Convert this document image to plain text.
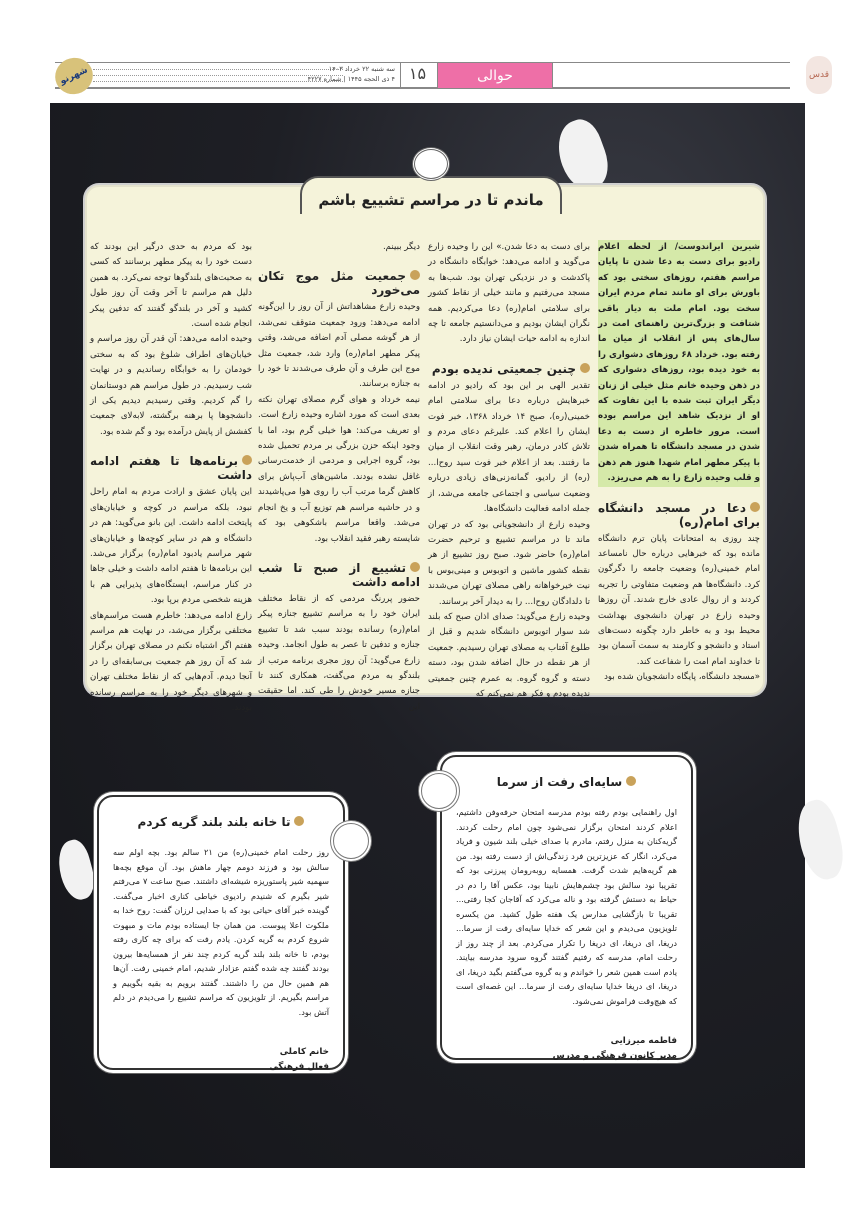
شهرنو	قدس
سه شنبه ۲۲ خرداد ۱۴۰۳
۴ ذی الحجه ۱۴۴۵ | شماره ۴۲۲۷ ۱۵	حوالی
ماندم تا در مراسم تشییع باشم

شیرین ایراندوست/ از لحظه اعلام رادیو برای دست به دعا شدن تا پایان مراسم هفتم، روزهای سختی بود که باورش برای او مانند تمام مردم ایران سخت بود. امام ملت به دیار باقی شتافت و بزرگ‌ترین راهنمای امت در سال‌های پس از انقلاب از میان ما رفته بود. خرداد ۶۸ روزهای دشواری را به خود دیده بود، روزهای دشواری که در ذهن وحیده خانم مثل خیلی از زنان دیگر ایران ثبت شده با این تفاوت که او از نزدیک شاهد این مراسم بوده است. مرور خاطره از دست به دعا شدن در مسجد دانشگاه تا همراه شدن با پیکر مطهر امام شهدا هنوز هم ذهن و قلب وحیده زارع را به هم می‌ریزد.

دعا در مسجد دانشگاه برای امام(ره)

چند روزی به امتحانات پایان ترم دانشگاه مانده بود که خبرهایی درباره حال نامساعد امام خمینی(ره) وضعیت جامعه را دگرگون کرد. دانشگاه‌ها هم وضعیت متفاوتی را تجربه کردند و از روال عادی خارج شدند. آن روزها وحیده زارع در تهران دانشجوی بهداشت محیط بود و به خاطر دارد چگونه دست‌های استاد و دانشجو و کارمند به سمت آسمان بود تا خداوند امام امت را شفاعت کند.

«مسجد دانشگاه، پایگاه دانشجویان شده بود

برای دست به دعا شدن.» این را وحیده زارع می‌گوید و ادامه می‌دهد: خوابگاه دانشگاه در پاکدشت و در نزدیکی تهران بود. شب‌ها به مسجد می‌رفتیم و مانند خیلی از نقاط کشور برای سلامتی امام(ره) دعا می‌کردیم. همه نگران ایشان بودیم و می‌دانستیم جامعه تا چه اندازه به ادامه حیات ایشان نیاز دارد.

چنین جمعیتی ندیده بودم

تقدیر الهی بر این بود که رادیو در ادامه خبرهایش درباره دعا برای سلامتی امام خمینی(ره)، صبح ۱۴ خرداد ۱۳۶۸، خبر فوت ایشان را اعلام کند. علیرغم دعای مردم و تلاش کادر درمان، رهبر وقت انقلاب از میان ما رفتند. بعد از اعلام خبر فوت سید روح‌ا...(ره) از رادیو، گمانه‌زنی‌های زیادی درباره وضعیت سیاسی و اجتماعی جامعه می‌شد، از جمله ادامه فعالیت دانشگاه‌ها.

وحیده زارع از دانشجویانی بود که در تهران ماند تا در مراسم تشییع و ترحیم حضرت امام(ره) حاضر شود. صبح روز تشییع از هر نقطه کشور ماشین و اتوبوس و مینی‌بوس با نیت خیرخواهانه راهی مصلای تهران می‌شدند تا دلدادگان روح‌ا... را به دیدار آخر برسانند.

وحیده زارع می‌گوید: صدای اذان صبح که بلند شد سوار اتوبوس دانشگاه شدیم و قبل از طلوع آفتاب به مصلای تهران رسیدیم. جمعیت از هر نقطه در حال اضافه شدن بود، دسته دسته و گروه گروه. به عمرم چنین جمعیتی ندیده بودم و فکر هم نمی‌کنم که

دیگر ببینم.

جمعیت مثل موج تکان می‌خورد

وحیده زارع مشاهداتش از آن روز را این‌گونه ادامه می‌دهد: ورود جمعیت متوقف نمی‌شد، از هر گوشه مصلی آدم اضافه می‌شد، وقتی پیکر مطهر امام(ره) وارد شد، جمعیت مثل موج این طرف و آن طرف می‌شدند تا خود را به جنازه برسانند.

نیمه خرداد و هوای گرم مصلای تهران نکته بعدی است که مورد اشاره وحیده زارع است. او تعریف می‌کند: هوا خیلی گرم بود، اما با وجود اینکه حزن بزرگی بر مردم تحمیل شده بود، گروه اجرایی و مردمی از خدمت‌رسانی غافل نشده بودند. ماشین‌های آب‌پاش برای کاهش گرما مرتب آب را روی هوا می‌پاشیدند و در حاشیه مراسم هم توزیع آب و یخ انجام می‌شد. واقعا مراسم باشکوهی بود که شایسته رهبر فقید انقلاب بود.

تشییع از صبح تا شب ادامه داشت

حضور پررنگ مردمی که از نقاط مختلف ایران خود را به مراسم تشییع جنازه پیکر امام(ره) رسانده بودند سبب شد تا تشییع جنازه و تدفین تا عصر به طول انجامد. وحیده زارع می‌گوید: آن روز مجری برنامه مرتب از بلندگو به مردم می‌گفت، همکاری کنند تا جنازه مسیر خودش را طی کند. اما حقیقت این

بود که مردم به حدی درگیر این بودند که دست خود را به پیکر مطهر برسانند که کسی به صحبت‌های بلندگوها توجه نمی‌کرد. به همین دلیل هم مراسم تا آخر وقت آن روز طول کشید و آخر در بلندگو گفتند که تدفین پیکر انجام شده است.

وحیده ادامه می‌دهد: آن قدر آن روز مراسم و خیابان‌های اطراف شلوغ بود که به سختی خودمان را به خوابگاه رساندیم و در نهایت شب رسیدیم. در طول مراسم هم دوستانمان را گم کردیم. وقتی رسیدیم دیدیم یکی از دانشجوها پا برهنه برگشته، لابه‌لای جمعیت کفشش از پایش درآمده بود و گم شده بود.

برنامه‌ها تا هفتم ادامه داشت

این پایان عشق و ارادت مردم به امام راحل نبود، بلکه مراسم در کوچه و خیابان‌های پایتخت ادامه داشت. این بانو می‌گوید: هم در دانشگاه و هم در سایر کوچه‌ها و خیابان‌های شهر مراسم یادبود امام(ره) برگزار می‌شد. این برنامه‌ها تا هفتم ادامه داشت و خیلی جاها در کنار مراسم، ایستگاه‌های پذیرایی هم با هزینه شخصی مردم برپا بود.

زارع ادامه می‌دهد: خاطرم هست مراسم‌های مختلفی برگزار می‌شد، در نهایت هم مراسم هفتم اگر اشتباه نکنم در مصلای تهران برگزار شد که آن روز هم جمعیت بی‌سابقه‌ای را در آنجا دیدم. آدم‌هایی که از نقاط مختلف تهران و شهرهای دیگر خود را به مراسم رسانده بودند.

سایه‌ای رفت از سرما
اول راهنمایی بودم رفته بودم مدرسه امتحان حرفه‌وفن داشتیم، اعلام کردند امتحان برگزار نمی‌شود چون امام رحلت کردند. گریه‌کنان به منزل رفتم، مادرم با صدای خیلی بلند شیون و فریاد می‌کرد، انگار که عزیزترین فرد زندگی‌اش از دست رفته بود. من هم گریه‌هایم شدت گرفت. همسایه روبه‌رومان پیرزنی بود که تقریبا نود سالش بود چشم‌هایش نابینا بود، عکس آقا را دم در حیاط به دستش گرفته بود و ناله می‌کرد که آقاجان کجا رفتی... تقریبا تا بازگشایی مدارس یک هفته طول کشید. من یکسره تلویزیون می‌دیدم و این شعر که خدایا سایه‌ای رفت از سرما... دریغا، ای دریغا، ای دریغا را تکرار می‌کردم. بعد از چند روز از رحلت امام، مدرسه که رفتیم گفتند گروه سرود مدرسه بیایند. یادم است همین شعر را خواندم و به گروه می‌گفتم بگید دریغا، ای دریغا، ای دریغا خدایا سایه‌ای رفت از سرما... این غصه‌ای است که هیچ‌وقت فراموش نمی‌شود.
فاطمه میرزایی
مدیر کانون فرهنگی و مدرس
تا خانه بلند بلند گریه کردم
روز رحلت امام خمینی(ره) من ۲۱ سالم بود. بچه اولم سه سالش بود و فرزند دومم چهار ماهش بود. آن موقع بچه‌ها سهمیه شیر پاستوریزه شیشه‌ای داشتند. صبح ساعت ۷ می‌رفتم شیر بگیرم که شنیدم رادیوی خیاطی کناری اخبار می‌گفت. گوینده خبر آقای حیاتی بود که با صدایی لرزان گفت: روح خدا به ملکوت اعلا پیوست. من همان جا ایستاده بودم مات و مبهوت شروع کردم به گریه کردن. یادم رفت که برای چه کاری رفته بودم، تا خانه بلند بلند گریه کردم چند نفر از همسایه‌ها بیرون بودند گفتند چه شده گفتم عزادار شدیم، امام خمینی رفت. آن‌ها هم همین حال من را داشتند. گفتند برویم به بقیه بگوییم و مراسم بگیریم. از تلویزیون که مراسم تشییع را می‌دیدم در دلم آتش بود.
خانم کاملی
فعال فرهنگی
